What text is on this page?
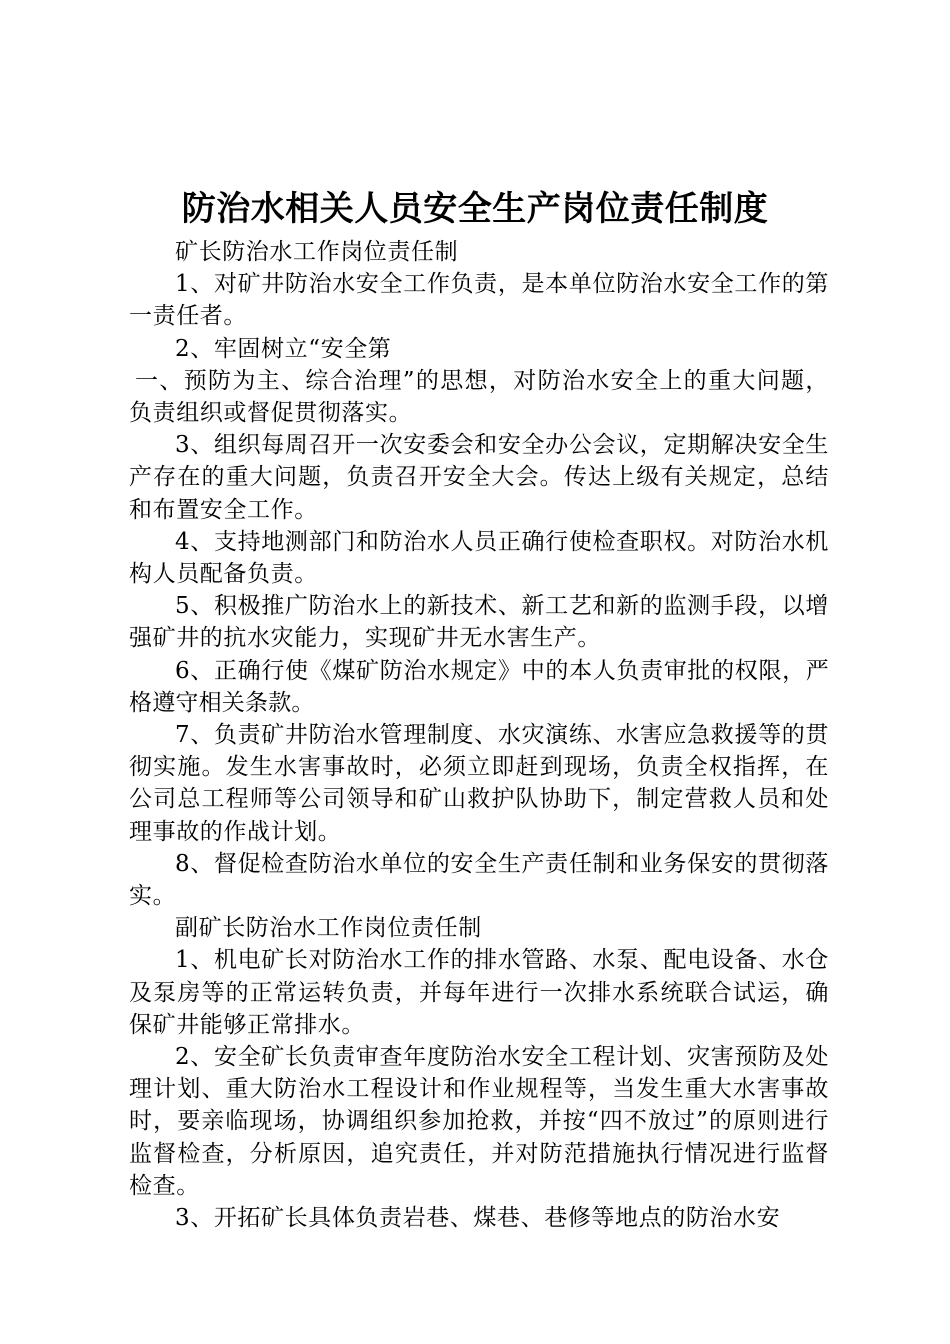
防治水相关人员安全生产岗位责任制度

矿长防治水工作岗位责任制

1、对矿井防治水安全工作负责，是本单位防治水安全工作的第一责任者。

2、牢固树立“安全第

一、预防为主、综合治理”的思想，对防治水安全上的重大问题，负责组织或督促贯彻落实。

3、组织每周召开一次安委会和安全办公会议，定期解决安全生产存在的重大问题，负责召开安全大会。传达上级有关规定，总结和布置安全工作。

4、支持地测部门和防治水人员正确行使检查职权。对防治水机构人员配备负责。

5、积极推广防治水上的新技术、新工艺和新的监测手段，以增强矿井的抗水灾能力，实现矿井无水害生产。

6、正确行使《煤矿防治水规定》中的本人负责审批的权限，严格遵守相关条款。

7、负责矿井防治水管理制度、水灾演练、水害应急救援等的贯彻实施。发生水害事故时，必须立即赶到现场，负责全权指挥，在公司总工程师等公司领导和矿山救护队协助下，制定营救人员和处理事故的作战计划。

8、督促检查防治水单位的安全生产责任制和业务保安的贯彻落实。

副矿长防治水工作岗位责任制

1、机电矿长对防治水工作的排水管路、水泵、配电设备、水仓及泵房等的正常运转负责，并每年进行一次排水系统联合试运，确保矿井能够正常排水。

2、安全矿长负责审查年度防治水安全工程计划、灾害预防及处理计划、重大防治水工程设计和作业规程等，当发生重大水害事故时，要亲临现场，协调组织参加抢救，并按“四不放过”的原则进行监督检查，分析原因，追究责任，并对防范措施执行情况进行监督检查。

3、开拓矿长具体负责岩巷、煤巷、巷修等地点的防治水安
